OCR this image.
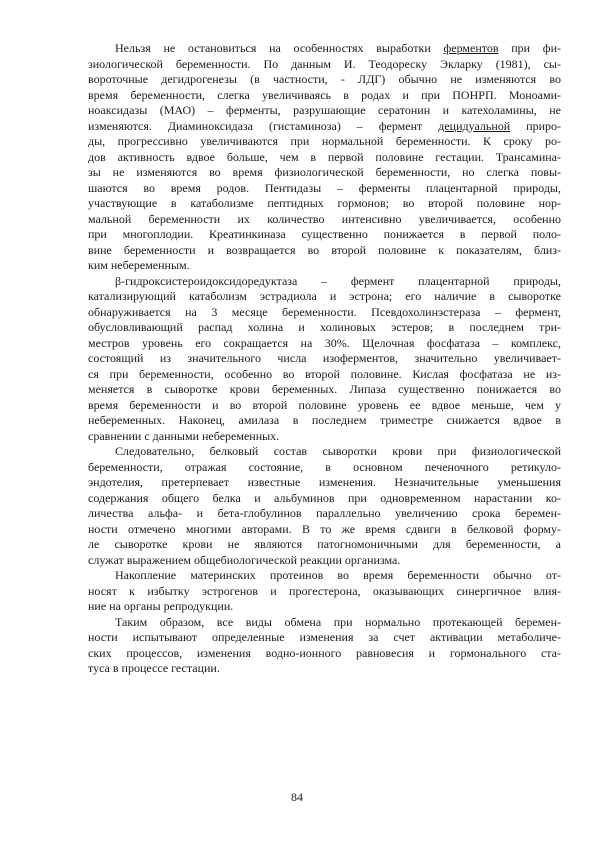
Нельзя не остановиться на особенностях выработки ферментов при фи-
зиологической беременности. По данным И. Теодореску Экларку (1981), сы-
вороточные дегидрогенезы (в частности, - ЛДГ) обычно не изменяются во
время беременности, слегка увеличиваясь в родах и при ПОНРП. Моноами-
ноаксидазы (МАО) – ферменты, разрушающие сератонин и катехоламины, не
изменяются. Диаминоксидаза (гистаминоза) – фермент децидуальной приро-
ды, прогрессивно увеличиваются при нормальной беременности. К сроку ро-
дов активность вдвое больше, чем в первой половине гестации. Трансамина-
зы не изменяются во время физиологической беременности, но слегка повы-
шаются во время родов. Пентидазы – ферменты плацентарной природы,
участвующие в катаболизме пептидных гормонов; во второй половине нор-
мальной беременности их количество интенсивно увеличивается, особенно
при многоплодии. Креатинкиназа существенно понижается в первой поло-
вине беременности и возвращается во второй половине к показателям, близ-
ким небеременным.
β-гидроксистероидоксидоредуктаза – фермент плацентарной природы,
катализирующий катаболизм эстрадиола и эстрона; его наличие в сыворотке
обнаруживается на 3 месяце беременности. Псевдохолинэстераза – фермент,
обусловливающий распад холина и холиновых эстеров; в последнем три-
местров уровень его сокращается на 30%. Щелочная фосфатаза – комплекс,
состоящий из значительного числа изоферментов, значительно увеличивает-
ся при беременности, особенно во второй половине. Кислая фосфатаза не из-
меняется в сыворотке крови беременных. Липаза существенно понижается во
время беременности и во второй половине уровень ее вдвое меньше, чем у
небеременных. Наконец, амилаза в последнем триместре снижается вдвое в
сравнении с данными небеременных.
Следовательно, белковый состав сыворотки крови при физиологической
беременности, отражая состояние, в основном печеночного ретикуло-
эндотелия, претерпевает известные изменения. Незначительные уменьшения
содержания общего белка и альбуминов при одновременном нарастании ко-
личества альфа- и бета-глобулинов параллельно увеличению срока беремен-
ности отмечено многими авторами. В то же время сдвиги в белковой форму-
ле сыворотке крови не являются патогномоничными для беременности, а
служат выражением общебиологической реакции организма.
Накопление материнских протеинов во время беременности обычно от-
носят к избытку эстрогенов и прогестерона, оказывающих синергичное влия-
ние на органы репродукции.
Таким образом, все виды обмена при нормально протекающей беремен-
ности испытывают определенные изменения за счет активации метаболиче-
ских процессов, изменения водно-ионного равновесия и гормонального ста-
туса в процессе гестации.
84
